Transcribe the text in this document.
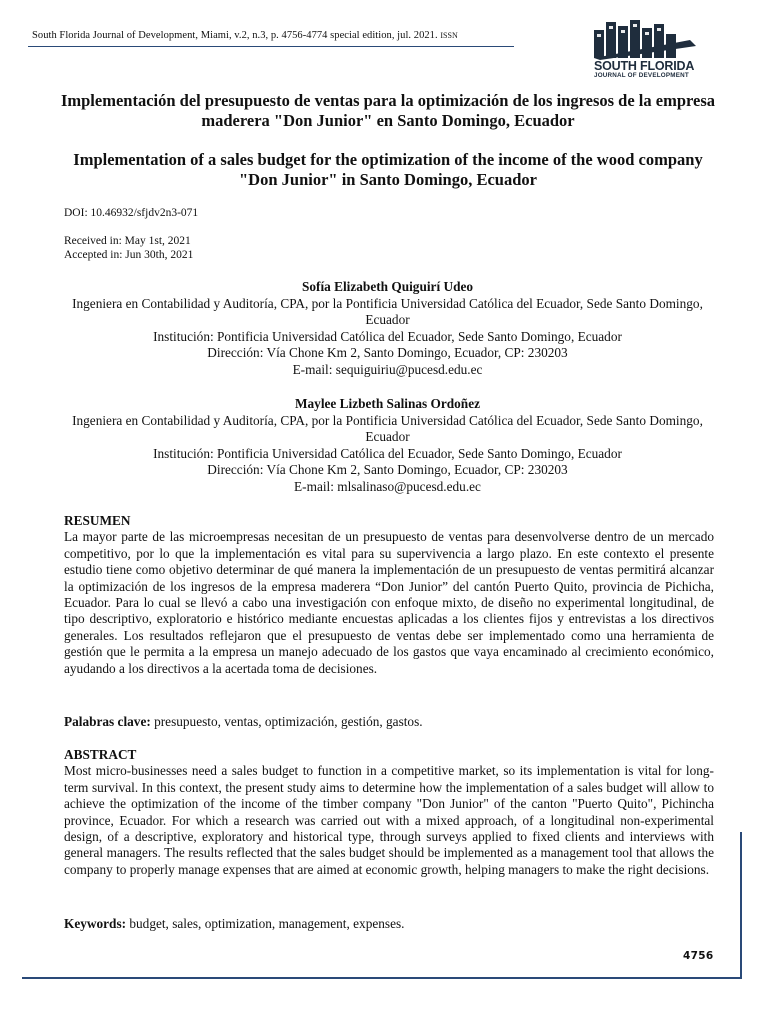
South Florida Journal of Development, Miami, v.2, n.3, p. 4756-4774 special edition, jul. 2021. ISSN
SOUTH FLORIDA
JOURNAL OF DEVELOPMENT
Implementación del presupuesto de ventas para la optimización de los ingresos de la empresa maderera "Don Junior" en Santo Domingo, Ecuador
Implementation of a sales budget for the optimization of the income of the wood company "Don Junior" in Santo Domingo, Ecuador
DOI: 10.46932/sfjdv2n3-071
Received in: May 1st, 2021
Accepted in: Jun 30th, 2021
Sofía Elizabeth Quiguirí Udeo
Ingeniera en Contabilidad y Auditoría, CPA, por la Pontificia Universidad Católica del Ecuador, Sede Santo Domingo, Ecuador
Institución: Pontificia Universidad Católica del Ecuador, Sede Santo Domingo, Ecuador
Dirección: Vía Chone Km 2, Santo Domingo, Ecuador, CP: 230203
E-mail: sequiguiriu@pucesd.edu.ec
Maylee Lizbeth Salinas Ordoñez
Ingeniera en Contabilidad y Auditoría, CPA, por la Pontificia Universidad Católica del Ecuador, Sede Santo Domingo, Ecuador
Institución: Pontificia Universidad Católica del Ecuador, Sede Santo Domingo, Ecuador
Dirección: Vía Chone Km 2, Santo Domingo, Ecuador, CP: 230203
E-mail: mlsalinaso@pucesd.edu.ec
RESUMEN
La mayor parte de las microempresas necesitan de un presupuesto de ventas para desenvolverse dentro de un mercado competitivo, por lo que la implementación es vital para su supervivencia a largo plazo. En este contexto el presente estudio tiene como objetivo determinar de qué manera la implementación de un presupuesto de ventas permitirá alcanzar la optimización de los ingresos de la empresa maderera “Don Junior” del cantón Puerto Quito, provincia de Pichicha, Ecuador. Para lo cual se llevó a cabo una investigación con enfoque mixto, de diseño no experimental longitudinal, de tipo descriptivo, exploratorio e histórico mediante encuestas aplicadas a los clientes fijos y entrevistas a los directivos generales. Los resultados reflejaron que el presupuesto de ventas debe ser implementado como una herramienta de gestión que le permita a la empresa un manejo adecuado de los gastos que vaya encaminado al crecimiento económico, ayudando a los directivos a la acertada toma de decisiones.
Palabras clave: presupuesto, ventas, optimización, gestión, gastos.
ABSTRACT
Most micro-businesses need a sales budget to function in a competitive market, so its implementation is vital for long-term survival. In this context, the present study aims to determine how the implementation of a sales budget will allow to achieve the optimization of the income of the timber company "Don Junior" of the canton "Puerto Quito", Pichincha province, Ecuador. For which a research was carried out with a mixed approach, of a longitudinal non-experimental design, of a descriptive, exploratory and historical type, through surveys applied to fixed clients and interviews with general managers. The results reflected that the sales budget should be implemented as a management tool that allows the company to properly manage expenses that are aimed at economic growth, helping managers to make the right decisions.
Keywords: budget, sales, optimization, management, expenses.
4756
